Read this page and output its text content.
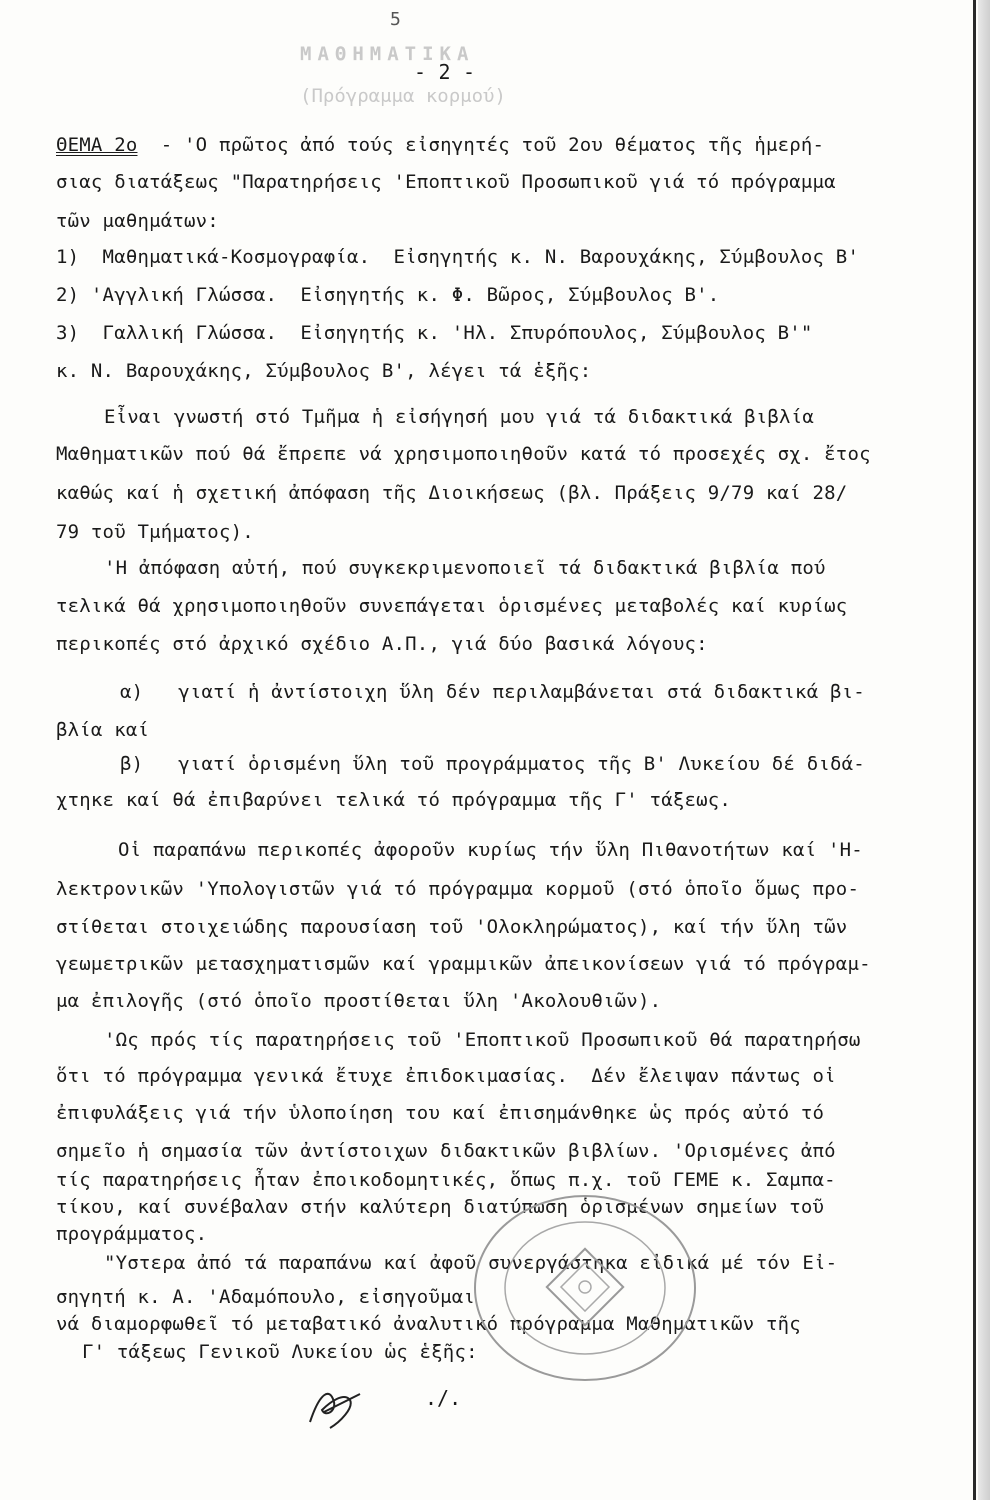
ΜΑΘΗΜΑΤΙΚΑ
(Πρόγραμμα κορμού)
5
- 2 -
ΘΕΜΑ 2ο  - 'Ο πρῶτος ἀπό τούς εἰσηγητές τοῦ 2ου θέματος τῆς ἡμερή-
σιας διατάξεως "Παρατηρήσεις 'Εποπτικοῦ Προσωπικοῦ γιά τό πρόγραμμα
τῶν μαθημάτων:
1)  Μαθηματικά-Κοσμογραφία.  Εἰσηγητής κ. Ν. Βαρουχάκης, Σύμβουλος Β'
2) 'Αγγλική Γλώσσα.  Εἰσηγητής κ. Φ. Βῶρος, Σύμβουλος Β'.
3)  Γαλλική Γλώσσα.  Εἰσηγητής κ. 'Ηλ. Σπυρόπουλος, Σύμβουλος Β'"
κ. Ν. Βαρουχάκης, Σύμβουλος Β', λέγει τά ἑξῆς:
Εἶναι γνωστή στό Τμῆμα ἡ εἰσήγησή μου γιά τά διδακτικά βιβλία
Μαθηματικῶν πού θά ἔπρεπε νά χρησιμοποιηθοῦν κατά τό προσεχές σχ. ἔτος
καθώς καί ἡ σχετική ἀπόφαση τῆς Διοικήσεως (βλ. Πράξεις 9/79 καί 28/
79 τοῦ Τμήματος).
'Η ἀπόφαση αὐτή, πού συγκεκριμενοποιεῖ τά διδακτικά βιβλία πού
τελικά θά χρησιμοποιηθοῦν συνεπάγεται ὁρισμένες μεταβολές καί κυρίως
περικοπές στό ἀρχικό σχέδιο Α.Π., γιά δύο βασικά λόγους:
α)   γιατί ἡ ἀντίστοιχη ὕλη δέν περιλαμβάνεται στά διδακτικά βι-
βλία καί
β)   γιατί ὁρισμένη ὕλη τοῦ προγράμματος τῆς Β' Λυκείου δέ διδά-
χτηκε καί θά ἐπιβαρύνει τελικά τό πρόγραμμα τῆς Γ' τάξεως.
Οἱ παραπάνω περικοπές ἀφοροῦν κυρίως τήν ὕλη Πιθανοτήτων καί 'Η-
λεκτρονικῶν 'Υπολογιστῶν γιά τό πρόγραμμα κορμοῦ (στό ὁποῖο ὅμως προ-
στίθεται στοιχειώδης παρουσίαση τοῦ 'Ολοκληρώματος), καί τήν ὕλη τῶν
γεωμετρικῶν μετασχηματισμῶν καί γραμμικῶν ἀπεικονίσεων γιά τό πρόγραμ-
μα ἐπιλογῆς (στό ὁποῖο προστίθεται ὕλη 'Ακολουθιῶν).
'Ως πρός τίς παρατηρήσεις τοῦ 'Εποπτικοῦ Προσωπικοῦ θά παρατηρήσω
ὅτι τό πρόγραμμα γενικά ἔτυχε ἐπιδοκιμασίας.  Δέν ἔλειψαν πάντως οἱ
ἐπιφυλάξεις γιά τήν ὑλοποίηση του καί ἐπισημάνθηκε ὡς πρός αὐτό τό
σημεῖο ἡ σημασία τῶν ἀντίστοιχων διδακτικῶν βιβλίων. 'Ορισμένες ἀπό
τίς παρατηρήσεις ἦταν ἐποικοδομητικές, ὅπως π.χ. τοῦ ΓΕΜΕ κ. Σαμπα-
τίκου, καί συνέβαλαν στήν καλύτερη διατύπωση ὁρισμένων σημείων τοῦ
προγράμματος.
"Υστερα ἀπό τά παραπάνω καί ἀφοῦ συνεργάστηκα εἰδικά μέ τόν Εἰ-
σηγητή κ. Α. 'Αδαμόπουλο, εἰσηγοῦμαι
νά διαμορφωθεῖ τό μεταβατικό ἀναλυτικό πρόγραμμα Μαθηματικῶν τῆς
Γ' τάξεως Γενικοῦ Λυκείου ὡς ἑξῆς:
./.
